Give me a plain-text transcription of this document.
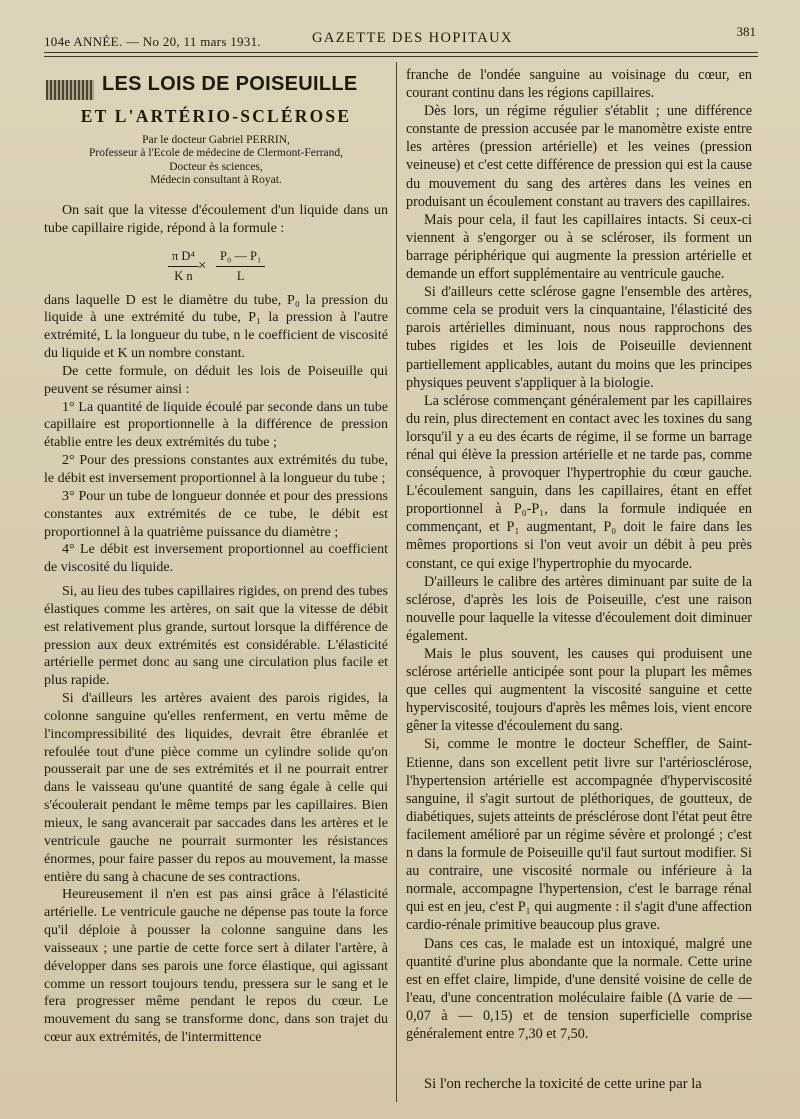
104e ANNÉE. — No 20, 11 mars 1931.	GAZETTE DES HOPITAUX	381
LES LOIS DE POISEUILLE
ET L'ARTÉRIO-SCLÉROSE
Par le docteur Gabriel PERRIN,
Professeur à l'Ecole de médecine de Clermont-Ferrand,
Docteur ès sciences,
Médecin consultant à Royat.

On sait que la vitesse d'écoulement d'un liquide dans un tube capillaire rigide, répond à la formule :

$\frac{\text{π D⁴}}{\text{K n}} \times \frac{\text{P₀ — P₁}}{L}$

dans laquelle D est le diamètre du tube, P₀ la pression du liquide à une extrémité du tube, P₁ la pression à l'autre extrémité, L la longueur du tube, n le coefficient de viscosité du liquide et K un nombre constant.

De cette formule, on déduit les lois de Poiseuille qui peuvent se résumer ainsi :

1° La quantité de liquide écoulé par seconde dans un tube capillaire est proportionnelle à la différence de pression établie entre les deux extrémités du tube ;

2° Pour des pressions constantes aux extrémités du tube, le débit est inversement proportionnel à la longueur du tube ;

3° Pour un tube de longueur donnée et pour des pressions constantes aux extrémités de ce tube, le débit est proportionnel à la quatrième puissance du diamètre ;

4° Le débit est inversement proportionnel au coefficient de viscosité du liquide.

Si, au lieu des tubes capillaires rigides, on prend des tubes élastiques comme les artères, on sait que la vitesse de débit est relativement plus grande, surtout lorsque la différence de pression aux deux extrémités est considérable. L'élasticité artérielle permet donc au sang une circulation plus facile et plus rapide.

Si d'ailleurs les artères avaient des parois rigides, la colonne sanguine qu'elles renferment, en vertu même de l'incompressibilité des liquides, devrait être ébranlée et refoulée tout d'une pièce comme un cylindre solide qu'on pousserait par une de ses extrémités et il ne pourrait entrer dans le vaisseau qu'une quantité de sang égale à celle qui s'écoulerait pendant le même temps par les capillaires. Bien mieux, le sang avancerait par saccades dans les artères et le ventricule gauche ne pourrait surmonter les résistances énormes, pour faire passer du repos au mouvement, la masse entière du sang à chacune de ses contractions.

Heureusement il n'en est pas ainsi grâce à l'élasticité artérielle. Le ventricule gauche ne dépense pas toute la force qu'il déploie à pousser la colonne sanguine dans les vaisseaux ; une partie de cette force sert à dilater l'artère, à développer dans ses parois une force élastique, qui agissant comme un ressort toujours tendu, pressera sur le sang et le fera progresser même pendant le repos du cœur. Le mouvement du sang se transforme donc, dans son trajet du cœur aux extrémités, de l'intermittence

franche de l'ondée sanguine au voisinage du cœur, en courant continu dans les régions capillaires.

Dès lors, un régime régulier s'établit ; une différence constante de pression accusée par le manomètre existe entre les artères (pression artérielle) et les veines (pression veineuse) et c'est cette différence de pression qui est la cause du mouvement du sang des artères dans les veines en produisant un écoulement constant au travers des capillaires.

Mais pour cela, il faut les capillaires intacts. Si ceux-ci viennent à s'engorger ou à se scléroser, ils forment un barrage périphérique qui augmente la pression artérielle et demande un effort supplémentaire au ventricule gauche.

Si d'ailleurs cette sclérose gagne l'ensemble des artères, comme cela se produit vers la cinquantaine, l'élasticité des parois artérielles diminuant, nous nous rapprochons des tubes rigides et les lois de Poiseuille deviennent partiellement applicables, autant du moins que les principes physiques peuvent s'appliquer à la biologie.

La sclérose commençant généralement par les capillaires du rein, plus directement en contact avec les toxines du sang lorsqu'il y a eu des écarts de régime, il se forme un barrage rénal qui élève la pression artérielle et ne tarde pas, comme conséquence, à provoquer l'hypertrophie du cœur gauche. L'écoulement sanguin, dans les capillaires, étant en effet proportionnel à P₀-P₁, dans la formule indiquée en commençant, et P₁ augmentant, P₀ doit le faire dans les mêmes proportions si l'on veut avoir un débit à peu près constant, ce qui exige l'hypertrophie du myocarde.

D'ailleurs le calibre des artères diminuant par suite de la sclérose, d'après les lois de Poiseuille, c'est une raison nouvelle pour laquelle la vitesse d'écoulement doit diminuer également.

Mais le plus souvent, les causes qui produisent une sclérose artérielle anticipée sont pour la plupart les mêmes que celles qui augmentent la viscosité sanguine et cette hyperviscosité, toujours d'après les mêmes lois, vient encore gêner la vitesse d'écoulement du sang.

Si, comme le montre le docteur Scheffler, de Saint-Etienne, dans son excellent petit livre sur l'artériosclérose, l'hypertension artérielle est accompagnée d'hyperviscosité sanguine, il s'agit surtout de pléthoriques, de goutteux, de diabétiques, sujets atteints de présclérose dont l'état peut être facilement amélioré par un régime sévère et prolongé ; c'est n dans la formule de Poiseuille qu'il faut surtout modifier. Si au contraire, une viscosité normale ou inférieure à la normale, accompagne l'hypertension, c'est le barrage rénal qui est en jeu, c'est P₁ qui augmente : il s'agit d'une affection cardio-rénale primitive beaucoup plus grave.

Dans ces cas, le malade est un intoxiqué, malgré une quantité d'urine plus abondante que la normale. Cette urine est en effet claire, limpide, d'une densité voisine de celle de l'eau, d'une concentration moléculaire faible (Δ varie de — 0,07 à — 0,15) et de tension superficielle comprise généralement entre 7,30 et 7,50.

Si l'on recherche la toxicité de cette urine par la
